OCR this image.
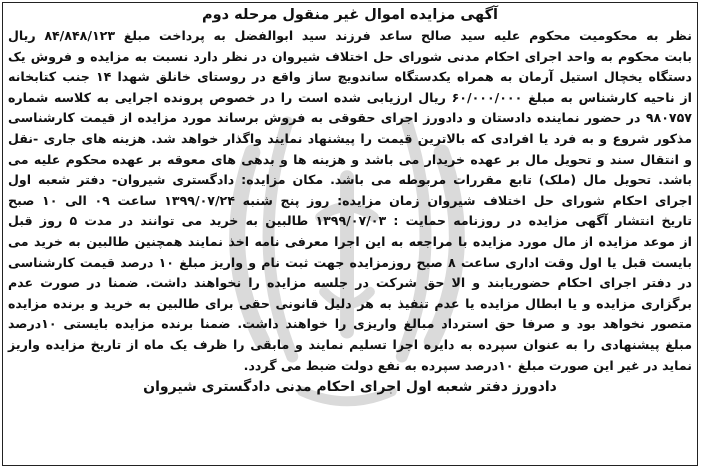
آگهی مزایده اموال غیر منقول مرحله دوم
نظر به محکومیت محکوم علیه سید صالح ساعد فرزند سید ابوالفضل به پرداخت مبلغ ۸۴/۸۴۸/۱۲۳ ریال
بابت محکوم به واحد اجرای احکام مدنی شورای حل اختلاف شیروان در نظر دارد نسبت به مزایده و فروش یک
دستگاه یخچال استیل آرمان به همراه یکدستگاه ساندویچ ساز واقع در روستای خانلق شهدا ۱۴ جنب کتابخانه
از ناحیه کارشناس به مبلغ ۶۰/۰۰۰/۰۰۰ ریال ارزیابی شده است را در خصوص پرونده اجرایی به کلاسه شماره
۹۸۰۷۵۷ در حضور نماینده دادستان و دادورز اجرای حقوقی به فروش برساند مورد مزایده از قیمت کارشناسی
مذکور شروع و به فرد یا افرادی که بالاترین قیمت را پیشنهاد نمایند واگذار خواهد شد. هزینه های جاری -نقل
و انتقال سند و تحویل مال بر عهده خریدار می باشد و هزینه ها و بدهی های معوقه بر عهده محکوم علیه می
باشد. تحویل مال (ملک) تابع مقررات مربوطه می باشد. مکان مزایده: دادگستری شیروان- دفتر شعبه اول
اجرای احکام شورای حل اختلاف شیروان زمان مزایده: روز پنج شنبه ۱۳۹۹/۰۷/۲۴ ساعت ۰۹ الی ۱۰ صبح
تاریخ انتشار آگهی مزایده در روزنامه حمایت : ۱۳۹۹/۰۷/۰۳ طالبین به خرید می توانند در مدت ۵ روز قبل
از موعد مزایده از مال مورد مزایده با مراجعه به این اجرا معرفی نامه اخذ نمایند همچنین طالبین به خرید می
بایست قبل یا اول وقت اداری ساعت ۸ صبح روزمزایده جهت ثبت نام و واریز مبلغ ۱۰ درصد قیمت کارشناسی
در دفتر اجرای احکام حضوریابند و الا حق شرکت در جلسه مزایده را نخواهند داشت. ضمنا در صورت عدم
برگزاری مزایده و یا ابطال مزایده یا عدم تنفیذ به هر دلیل قانونی حقی برای طالبین به خرید و برنده مزایده
متصور نخواهد بود و صرفا حق استرداد مبالغ واریزی را خواهند داشت. ضمنا برنده مزایده بایستی ۱۰درصد
مبلغ پیشنهادی را به عنوان سپرده به دایره اجرا تسلیم نمایند و مابقی را ظرف یک ماه از تاریخ مزایده واریز
نماید در غیر این صورت مبلغ ۱۰درصد سپرده به نفع دولت ضبط می گردد.
دادورز دفتر شعبه اول اجرای احکام مدنی دادگستری شیروان
